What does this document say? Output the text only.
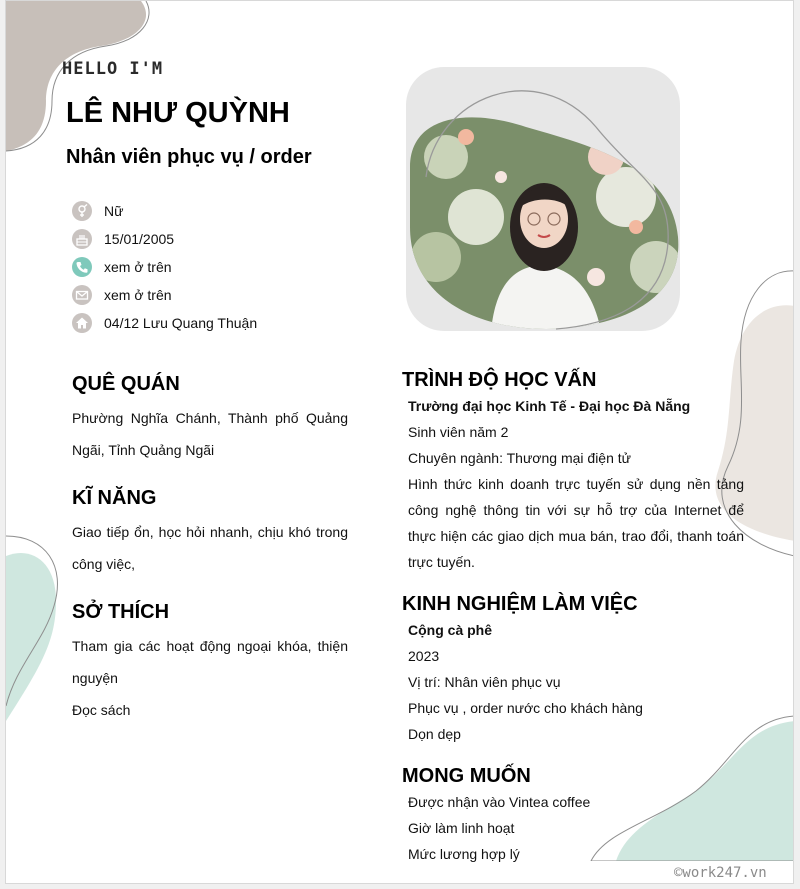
HELLO I'M
LÊ NHƯ QUỲNH
Nhân viên phục vụ / order
Nữ
15/01/2005
xem ở trên
xem ở trên
04/12 Lưu Quang Thuận
QUÊ QUÁN
Phường Nghĩa Chánh, Thành phố Quảng Ngãi, Tỉnh Quảng Ngãi
KĨ NĂNG
Giao tiếp ổn, học hỏi nhanh, chịu khó trong công việc,
SỞ THÍCH
Tham gia các hoạt động ngoại khóa, thiện nguyện
Đọc sách
TRÌNH ĐỘ HỌC VẤN
Trường đại học Kinh Tế - Đại học Đà Nẵng
Sinh viên năm 2
Chuyên ngành: Thương mại điện tử
Hình thức kinh doanh trực tuyến sử dụng nền tảng công nghệ thông tin với sự hỗ trợ của Internet để thực hiện các giao dịch mua bán, trao đổi, thanh toán trực tuyến.
KINH NGHIỆM LÀM VIỆC
Cộng cà phê
2023
Vị trí: Nhân viên phục vụ
Phục vụ , order nước cho khách hàng
Dọn dẹp
MONG MUỐN
Được nhận vào Vintea coffee
Giờ làm linh hoạt
Mức lương hợp lý
©work247.vn
